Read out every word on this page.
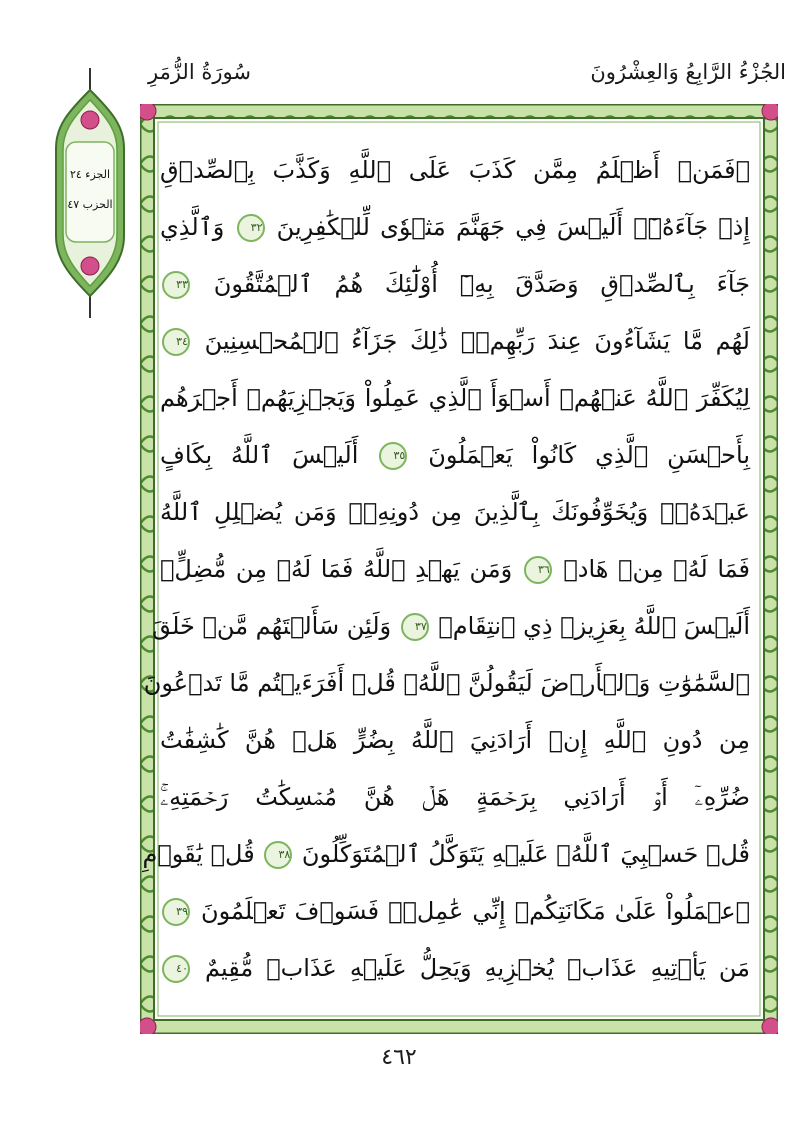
الجُزْءُ الرَّابِعُ وَالعِشْرُونَ
سُورَةُ الزُّمَرِ
الجزء ٢٤
الحزب ٤٧
۞فَمَنۡ أَظۡلَمُ مِمَّن كَذَبَ عَلَى ٱللَّهِ وَكَذَّبَ بِٱلصِّدۡقِ
إِذۡ جَآءَهُۥٓۚ أَلَيۡسَ فِي جَهَنَّمَ مَثۡوٗى لِّلۡكَٰفِرِينَ ٣٢ وَٱلَّذِي
جَآءَ بِٱلصِّدۡقِ وَصَدَّقَ بِهِۦٓ أُوْلَٰٓئِكَ هُمُ ٱلۡمُتَّقُونَ ٣٣
لَهُم مَّا يَشَآءُونَ عِندَ رَبِّهِمۡۚ ذَٰلِكَ جَزَآءُ ٱلۡمُحۡسِنِينَ ٣٤
لِيُكَفِّرَ ٱللَّهُ عَنۡهُمۡ أَسۡوَأَ ٱلَّذِي عَمِلُواْ وَيَجۡزِيَهُمۡ أَجۡرَهُم
بِأَحۡسَنِ ٱلَّذِي كَانُواْ يَعۡمَلُونَ ٣٥ أَلَيۡسَ ٱللَّهُ بِكَافٍ
عَبۡدَهُۥۖ وَيُخَوِّفُونَكَ بِٱلَّذِينَ مِن دُونِهِۦۚ وَمَن يُضۡلِلِ ٱللَّهُ
فَمَا لَهُۥ مِنۡ هَادٖ ٣٦ وَمَن يَهۡدِ ٱللَّهُ فَمَا لَهُۥ مِن مُّضِلٍّۗ
أَلَيۡسَ ٱللَّهُ بِعَزِيزٖ ذِي ٱنتِقَامٖ ٣٧ وَلَئِن سَأَلۡتَهُم مَّنۡ خَلَقَ
ٱلسَّمَٰوَٰتِ وَٱلۡأَرۡضَ لَيَقُولُنَّ ٱللَّهُۚ قُلۡ أَفَرَءَيۡتُم مَّا تَدۡعُونَ
مِن دُونِ ٱللَّهِ إِنۡ أَرَادَنِيَ ٱللَّهُ بِضُرٍّ هَلۡ هُنَّ كَٰشِفَٰتُ
ضُرِّهِۦٓ أَوۡ أَرَادَنِي بِرَحۡمَةٍ هَلۡ هُنَّ مُمۡسِكَٰتُ رَحۡمَتِهِۦۚ
قُلۡ حَسۡبِيَ ٱللَّهُۖ عَلَيۡهِ يَتَوَكَّلُ ٱلۡمُتَوَكِّلُونَ ٣٨ قُلۡ يَٰقَوۡمِ
ٱعۡمَلُواْ عَلَىٰ مَكَانَتِكُمۡ إِنِّي عَٰمِلٞۖ فَسَوۡفَ تَعۡلَمُونَ ٣٩
مَن يَأۡتِيهِ عَذَابٞ يُخۡزِيهِ وَيَحِلُّ عَلَيۡهِ عَذَابٞ مُّقِيمٌ ٤٠
٤٦٢
